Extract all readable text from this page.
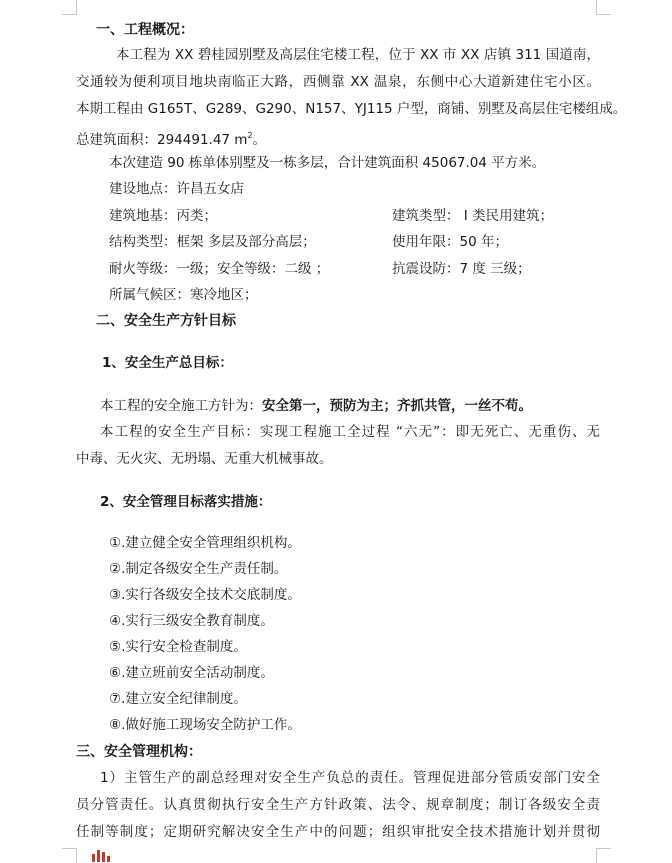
一、工程概况：
本工程为 XX 碧桂园别墅及高层住宅楼工程，位于 XX 市 XX 店镇 311 国道南，
交通较为便利项目地块南临正大路，西侧靠 XX 温泉，东侧中心大道新建住宅小区。
本期工程由 G165T、G289、G290、N157、YJ115 户型，商铺、别墅及高层住宅楼组成。
总建筑面积：294491.47 $m^2$。
本次建造 90 栋单体别墅及一栋多层，合计建筑面积 45067.04 平方米。
建设地点：许昌五女店
建筑地基：丙类；	建筑类型： I 类民用建筑；
结构类型：框架 多层及部分高层；	使用年限：50 年；
耐火等级：一级；安全等级：二级 ；	抗震设防：7 度 三级；
所属气候区：寒冷地区；
二、安全生产方针目标
1、安全生产总目标：
本工程的安全施工方针为：安全第一，预防为主；齐抓共管，一丝不苟。
本工程的安全生产目标：实现工程施工全过程 “六无”：即无死亡、无重伤、无
中毒、无火灾、无坍塌、无重大机械事故。
2、安全管理目标落实措施：
①.建立健全安全管理组织机构。
②.制定各级安全生产责任制。
③.实行各级安全技术交底制度。
④.实行三级安全教育制度。
⑤.实行安全检查制度。
⑥.建立班前安全活动制度。
⑦.建立安全纪律制度。
⑧.做好施工现场安全防护工作。
三、安全管理机构：
1）主管生产的副总经理对安全生产负总的责任。管理促进部分管质安部门安全
员分管责任。认真贯彻执行安全生产方针政策、法令、规章制度；制订各级安全责
任制等制度；定期研究解决安全生产中的问题；组织审批安全技术措施计划并贯彻
